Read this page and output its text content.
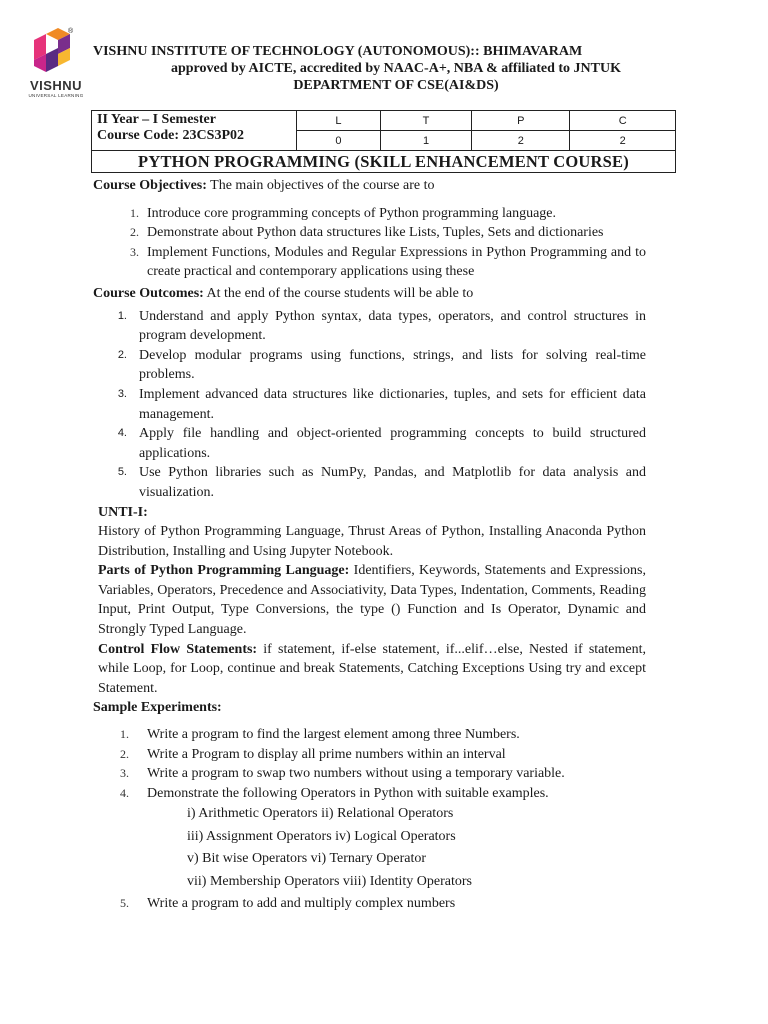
VISHNU
UNIVERSAL LEARNING
®
VISHNU INSTITUTE OF TECHNOLOGY (AUTONOMOUS):: BHIMAVARAM
approved by AICTE, accredited by NAAC-A+, NBA & affiliated to JNTUK
DEPARTMENT OF CSE(AI&DS)
II Year – I Semester
Course Code: 23CS3P02	L	T	P	C
	0	1	2	2
PYTHON PROGRAMMING (SKILL ENHANCEMENT COURSE)				

Course Objectives: The main objectives of the course are to

1. Introduce core programming concepts of Python programming language.
2. Demonstrate about Python data structures like Lists, Tuples, Sets and dictionaries
3. Implement Functions, Modules and Regular Expressions in Python Programming and to create practical and contemporary applications using these

Course Outcomes: At the end of the course students will be able to

1. Understand and apply Python syntax, data types, operators, and control structures in program development.
2. Develop modular programs using functions, strings, and lists for solving real-time problems.
3. Implement advanced data structures like dictionaries, tuples, and sets for efficient data management.
4. Apply file handling and object-oriented programming concepts to build structured applications.
5. Use Python libraries such as NumPy, Pandas, and Matplotlib for data analysis and visualization.

UNTI-I:

History of Python Programming Language, Thrust Areas of Python, Installing Anaconda Python Distribution, Installing and Using Jupyter Notebook.

Parts of Python Programming Language: Identifiers, Keywords, Statements and Expressions, Variables, Operators, Precedence and Associativity, Data Types, Indentation, Comments, Reading Input, Print Output, Type Conversions, the type () Function and Is Operator, Dynamic and Strongly Typed Language.

Control Flow Statements: if statement, if-else statement, if...elif…else, Nested if statement, while Loop, for Loop, continue and break Statements, Catching Exceptions Using try and except Statement.

Sample Experiments:

1. Write a program to find the largest element among three Numbers.
2. Write a Program to display all prime numbers within an interval
3. Write a program to swap two numbers without using a temporary variable.
4. Demonstrate the following Operators in Python with suitable examples.
i) Arithmetic Operators ii) Relational Operators
iii) Assignment Operators iv) Logical Operators
v) Bit wise Operators vi) Ternary Operator
vii) Membership Operators viii) Identity Operators
5. Write a program to add and multiply complex numbers
